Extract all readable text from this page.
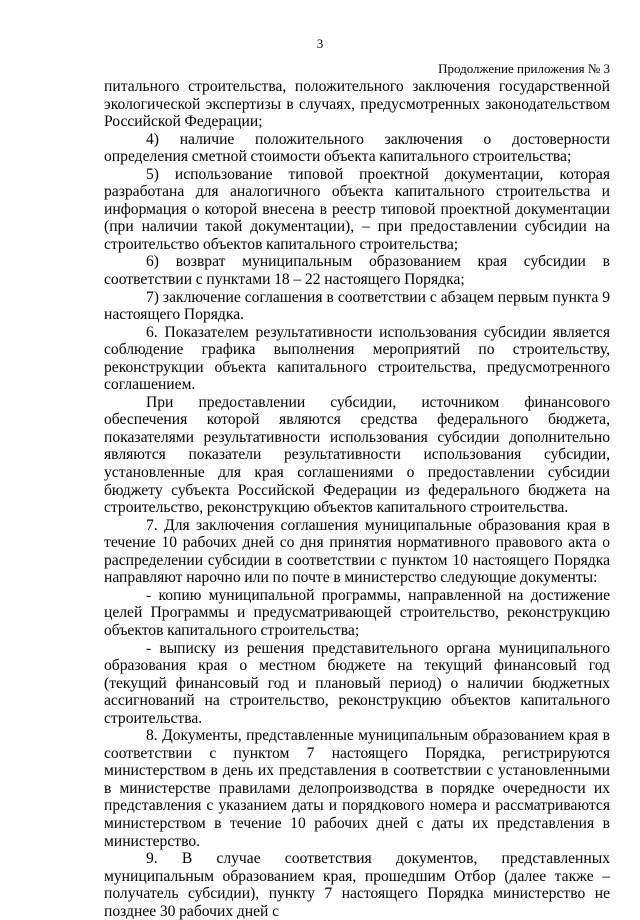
3
Продолжение приложения № 3

питального строительства, положительного заключения государственной экологической экспертизы в случаях, предусмотренных законодательством Российской Федерации;

4) наличие положительного заключения о достоверности определения сметной стоимости объекта капитального строительства;

5) использование типовой проектной документации, которая разработана для аналогичного объекта капитального строительства и информация о которой внесена в реестр типовой проектной документации (при наличии такой документации), – при предоставлении субсидии на строительство объектов капитального строительства;

6) возврат муниципальным образованием края субсидии в соответствии с пунктами 18 – 22 настоящего Порядка;

7) заключение соглашения в соответствии с абзацем первым пункта 9 настоящего Порядка.

6. Показателем результативности использования субсидии является соблюдение графика выполнения мероприятий по строительству, реконструкции объекта капитального строительства, предусмотренного соглашением.

При предоставлении субсидии, источником финансового обеспечения которой являются средства федерального бюджета, показателями результативности использования субсидии дополнительно являются показатели результативности использования субсидии, установленные для края соглашениями о предоставлении субсидии бюджету субъекта Российской Федерации из федерального бюджета на строительство, реконструкцию объектов капитального строительства.

7. Для заключения соглашения муниципальные образования края в течение 10 рабочих дней со дня принятия нормативного правового акта о распределении субсидии в соответствии с пунктом 10 настоящего Порядка направляют нарочно или по почте в министерство следующие документы:

- копию муниципальной программы, направленной на достижение целей Программы и предусматривающей строительство, реконструкцию объектов капитального строительства;

- выписку из решения представительного органа муниципального образования края о местном бюджете на текущий финансовый год (текущий финансовый год и плановый период) о наличии бюджетных ассигнований на строительство, реконструкцию объектов капитального строительства.

8. Документы, представленные муниципальным образованием края в соответствии с пунктом 7 настоящего Порядка, регистрируются министерством в день их представления в соответствии с установленными в министерстве правилами делопроизводства в порядке очередности их представления с указанием даты и порядкового номера и рассматриваются министерством в течение 10 рабочих дней с даты их представления в министерство.

9. В случае соответствия документов, представленных муниципальным образованием края, прошедшим Отбор (далее также – получатель субсидии), пункту 7 настоящего Порядка министерство не позднее 30 рабочих дней с
